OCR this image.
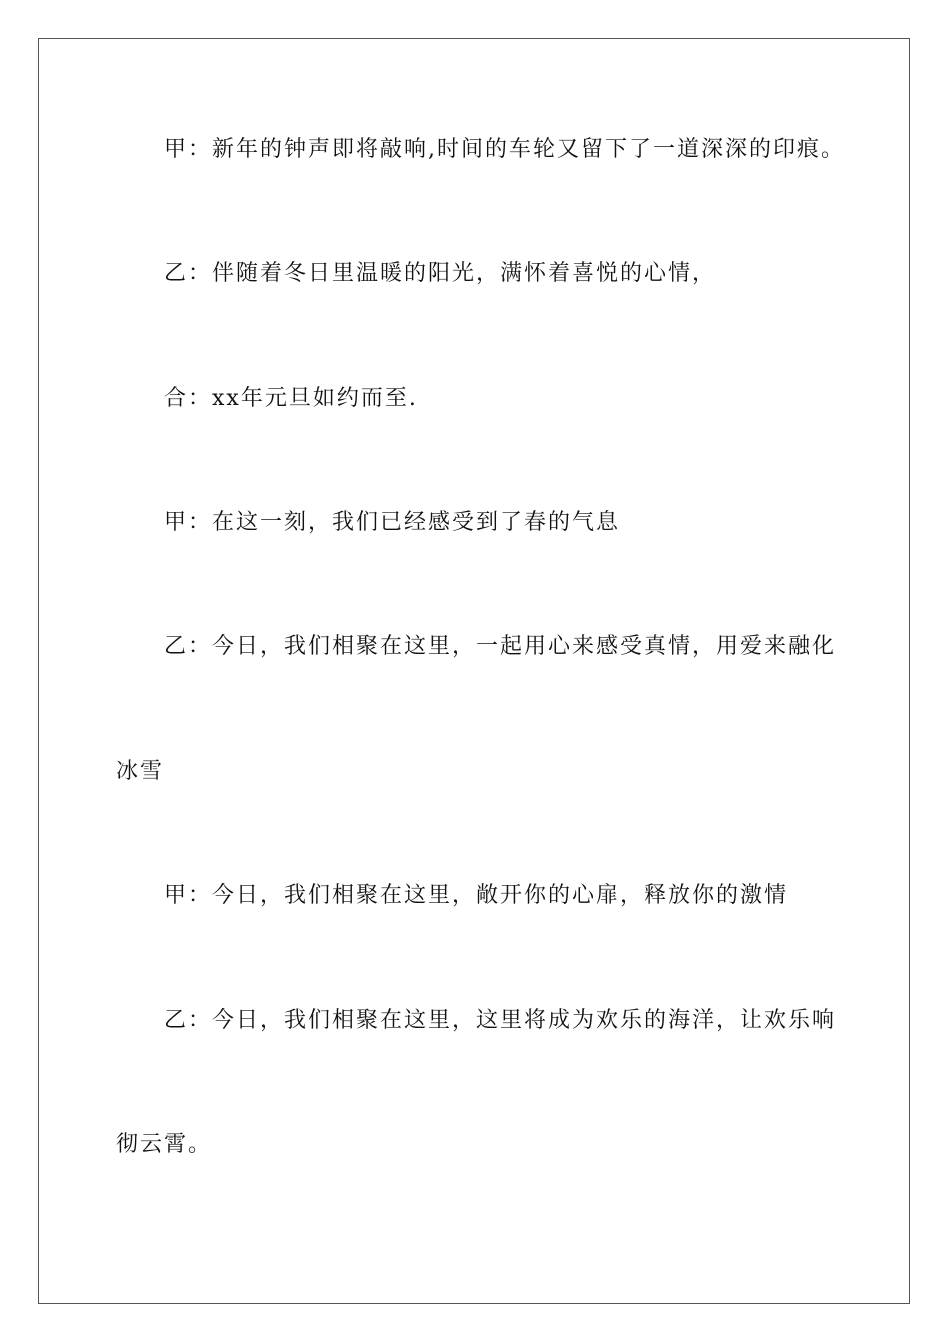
甲：新年的钟声即将敲响,时间的车轮又留下了一道深深的印痕。
乙：伴随着冬日里温暖的阳光，满怀着喜悦的心情，
合：xx年元旦如约而至.
甲：在这一刻，我们已经感受到了春的气息
乙：今日，我们相聚在这里，一起用心来感受真情，用爱来融化
冰雪
甲：今日，我们相聚在这里，敞开你的心扉，释放你的激情
乙：今日，我们相聚在这里，这里将成为欢乐的海洋，让欢乐响
彻云霄。
